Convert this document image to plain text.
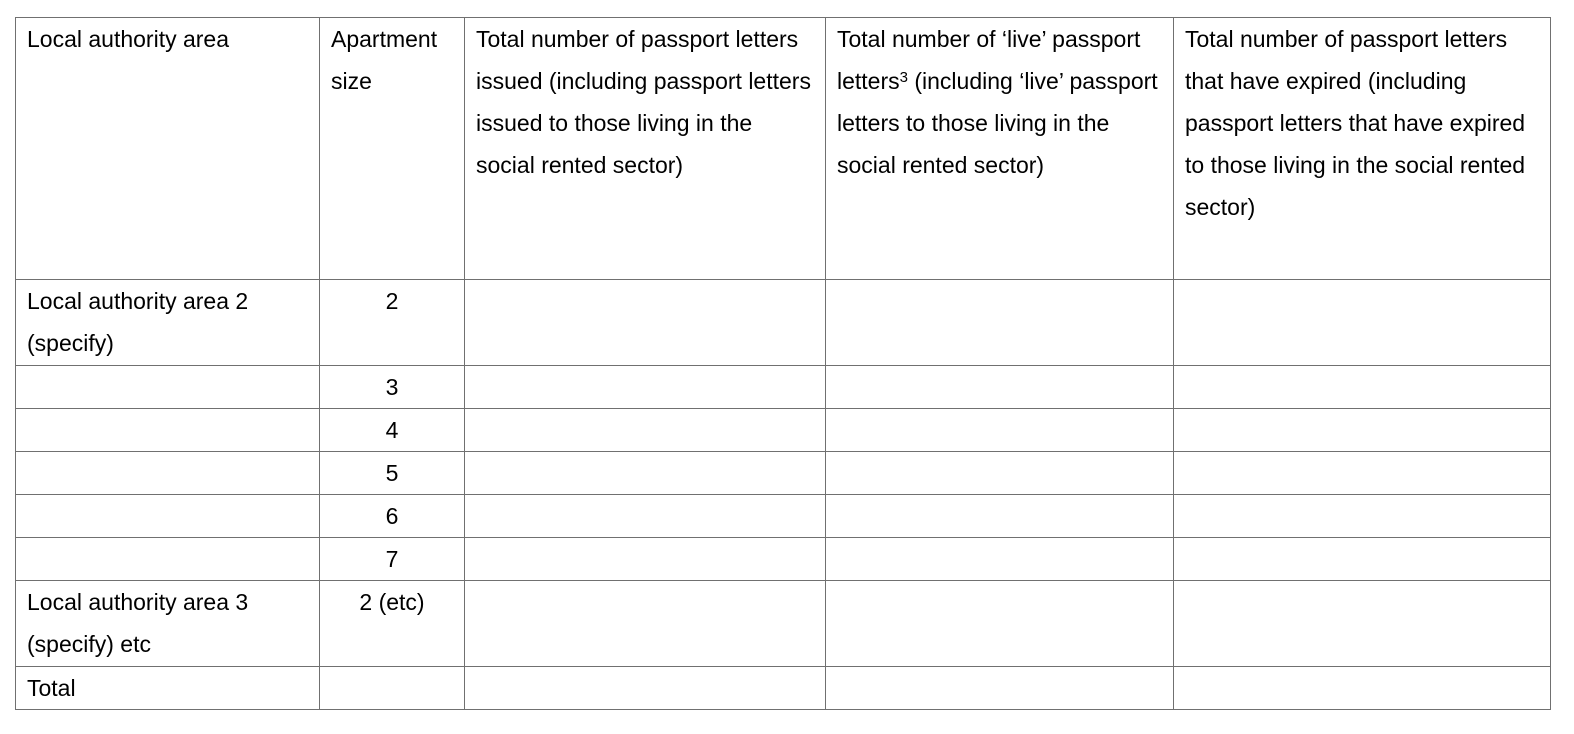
Local authority area	Apartment size	Total number of passport letters issued (including passport letters issued to those living in the social rented sector)	Total number of ‘live’ passport letters$^3$ (including ‘live’ passport letters to those living in the social rented sector)	Total number of passport letters that have expired (including passport letters that have expired to those living in the social rented sector)
Local authority area 2 (specify)	2			
	3			
	4			
	5			
	6			
	7			
Local authority area 3 (specify) etc	2 (etc)			
Total				
